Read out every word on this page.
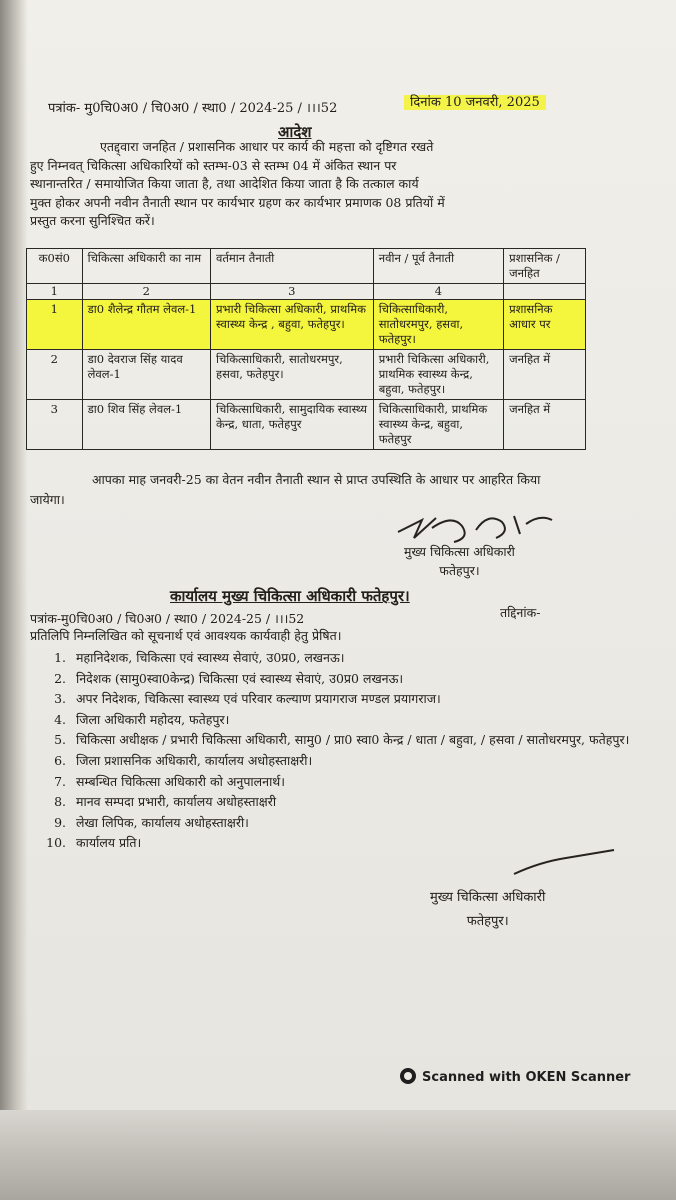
पत्रांक- मु0चि0अ0 / चि0अ0 / स्था0 / 2024-25 / ।।।52	दिनांक 10 जनवरी, 2025
आदेश
एतद्द्वारा जनहित / प्रशासनिक आधार पर कार्य की महत्ता को दृष्टिगत रखते
हुए निम्नवत् चिकित्सा अधिकारियों को स्तम्भ-03 से स्तम्भ 04 में अंकित स्थान पर
स्थानान्तरित / समायोजित किया जाता है, तथा आदेशित किया जाता है कि तत्काल कार्य
मुक्त होकर अपनी नवीन तैनाती स्थान पर कार्यभार ग्रहण कर कार्यभार प्रमाणक 08 प्रतियों में
प्रस्तुत करना सुनिश्चित करें।
क0सं0	चिकित्सा अधिकारी का नाम	वर्तमान तैनाती	नवीन / पूर्व तैनाती	प्रशासनिक / जनहित
1	2	3	4	
1	डा0 शैलेन्द्र गौतम लेवल-1	प्रभारी चिकित्सा अधिकारी, प्राथमिक स्वास्थ्य केन्द्र , बहुवा, फतेहपुर।	चिकित्साधिकारी, सातोधरमपुर, हसवा, फतेहपुर।	प्रशासनिक आधार पर
2	डा0 देवराज सिंह यादव लेवल-1	चिकित्साधिकारी, सातोधरमपुर, हसवा, फतेहपुर।	प्रभारी चिकित्सा अधिकारी, प्राथमिक स्वास्थ्य केन्द्र, बहुवा, फतेहपुर।	जनहित में
3	डा0 शिव सिंह लेवल-1	चिकित्साधिकारी, सामुदायिक स्वास्थ्य केन्द्र, धाता, फतेहपुर	चिकित्साधिकारी, प्राथमिक स्वास्थ्य केन्द्र, बहुवा, फतेहपुर	जनहित में
आपका माह जनवरी-25 का वेतन नवीन तैनाती स्थान से प्राप्त उपस्थिति के आधार पर आहरित किया जायेगा।
मुख्य चिकित्सा अधिकारी
फतेहपुर।
कार्यालय मुख्य चिकित्सा अधिकारी फतेहपुर।
पत्रांक-मु0चि0अ0 / चि0अ0 / स्था0 / 2024-25 / ।।।52	तद्दिनांक-
प्रतिलिपि निम्नलिखित को सूचनार्थ एवं आवश्यक कार्यवाही हेतु प्रेषित।
1. महानिदेशक, चिकित्सा एवं स्वास्थ्य सेवाएं, उ0प्र0, लखनऊ।
2. निदेशक (सामु0स्वा0केन्द्र) चिकित्सा एवं स्वास्थ्य सेवाएं, उ0प्र0 लखनऊ।
3. अपर निदेशक, चिकित्सा स्वास्थ्य एवं परिवार कल्याण प्रयागराज मण्डल प्रयागराज।
4. जिला अधिकारी महोदय, फतेहपुर।
5. चिकित्सा अधीक्षक / प्रभारी चिकित्सा अधिकारी, सामु0 / प्रा0 स्वा0 केन्द्र / धाता / बहुवा, / हसवा / सातोधरमपुर, फतेहपुर।
6. जिला प्रशासनिक अधिकारी, कार्यालय अधोहस्ताक्षरी।
7. सम्बन्धित चिकित्सा अधिकारी को अनुपालनार्थ।
8. मानव सम्पदा प्रभारी, कार्यालय अधोहस्ताक्षरी
9. लेखा लिपिक, कार्यालय अधोहस्ताक्षरी।
10. कार्यालय प्रति।
मुख्य चिकित्सा अधिकारी
फतेहपुर।
Scanned with OKEN Scanner
